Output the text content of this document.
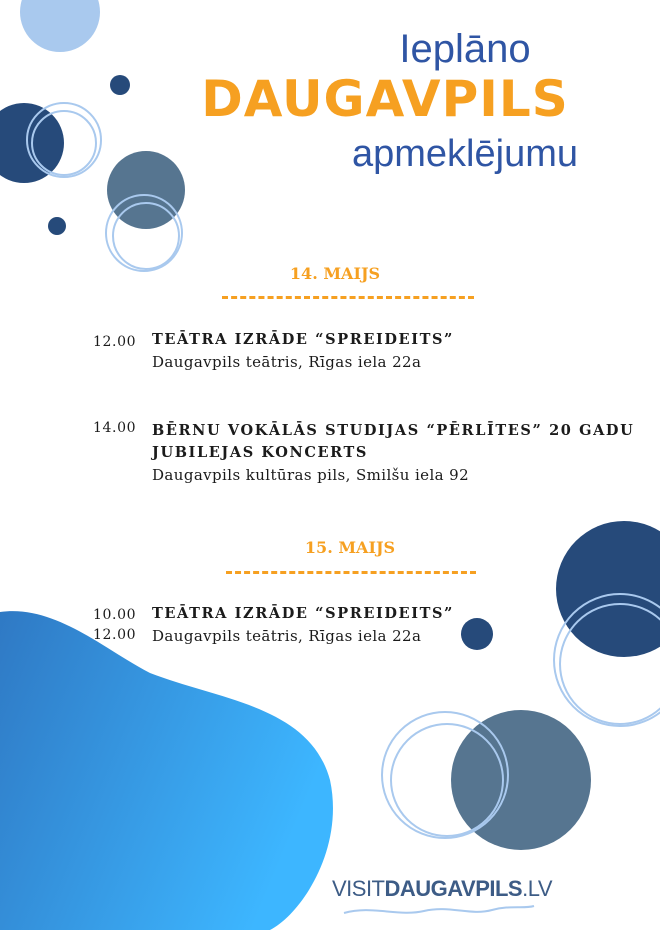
Ieplāno
DAUGAVPILS
apmeklējumu
14. MAIJS
12.00 TEĀTRA IZRĀDE “SPREIDEITS”
Daugavpils teātris, Rīgas iela 22a
14.00 BĒRNU VOKĀLĀS STUDIJAS “PĒRLĪTES” 20 GADU
JUBILEJAS KONCERTS
Daugavpils kultūras pils, Smilšu iela 92
15. MAIJS
10.00
12.00
TEĀTRA IZRĀDE “SPREIDEITS”
Daugavpils teātris, Rīgas iela 22a
VISITDAUGAVPILS.LV
